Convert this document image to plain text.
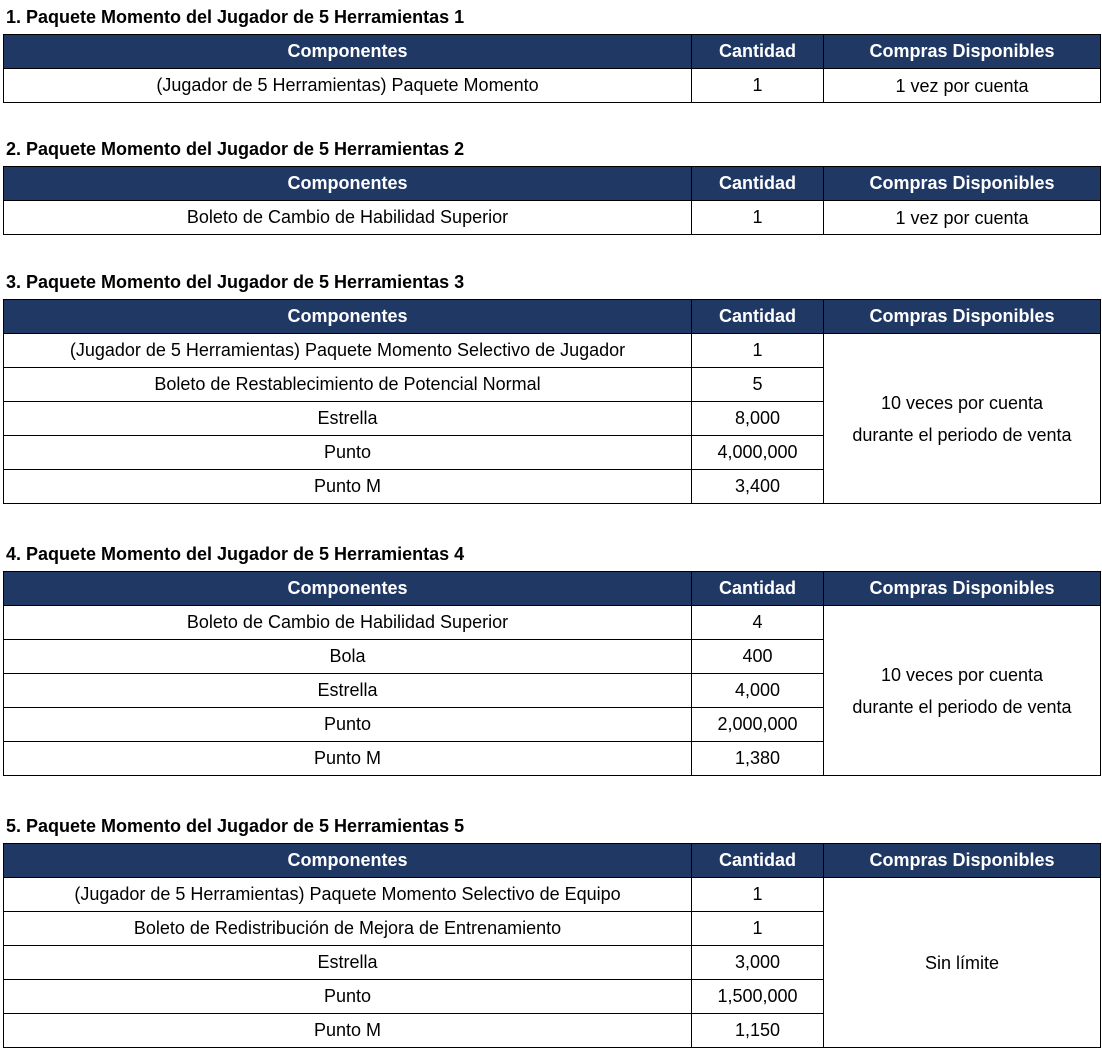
1. Paquete Momento del Jugador de 5 Herramientas 1
Componentes	Cantidad	Compras Disponibles
(Jugador de 5 Herramientas) Paquete Momento	1	1 vez por cuenta
2. Paquete Momento del Jugador de 5 Herramientas 2
Componentes	Cantidad	Compras Disponibles
Boleto de Cambio de Habilidad Superior	1	1 vez por cuenta
3. Paquete Momento del Jugador de 5 Herramientas 3
Componentes	Cantidad	Compras Disponibles
(Jugador de 5 Herramientas) Paquete Momento Selectivo de Jugador	1	10 veces por cuenta
durante el periodo de venta

Boleto de Restablecimiento de Potencial Normal	5	
Estrella	8,000	
Punto	4,000,000	
Punto M	3,400	
4. Paquete Momento del Jugador de 5 Herramientas 4
Componentes	Cantidad	Compras Disponibles
Boleto de Cambio de Habilidad Superior	4	10 veces por cuenta
durante el periodo de venta

Bola	400	
Estrella	4,000	
Punto	2,000,000	
Punto M	1,380	
5. Paquete Momento del Jugador de 5 Herramientas 5
Componentes	Cantidad	Compras Disponibles
(Jugador de 5 Herramientas) Paquete Momento Selectivo de Equipo	1	Sin límite

Boleto de Redistribución de Mejora de Entrenamiento	1	
Estrella	3,000	
Punto	1,500,000	
Punto M	1,150	
